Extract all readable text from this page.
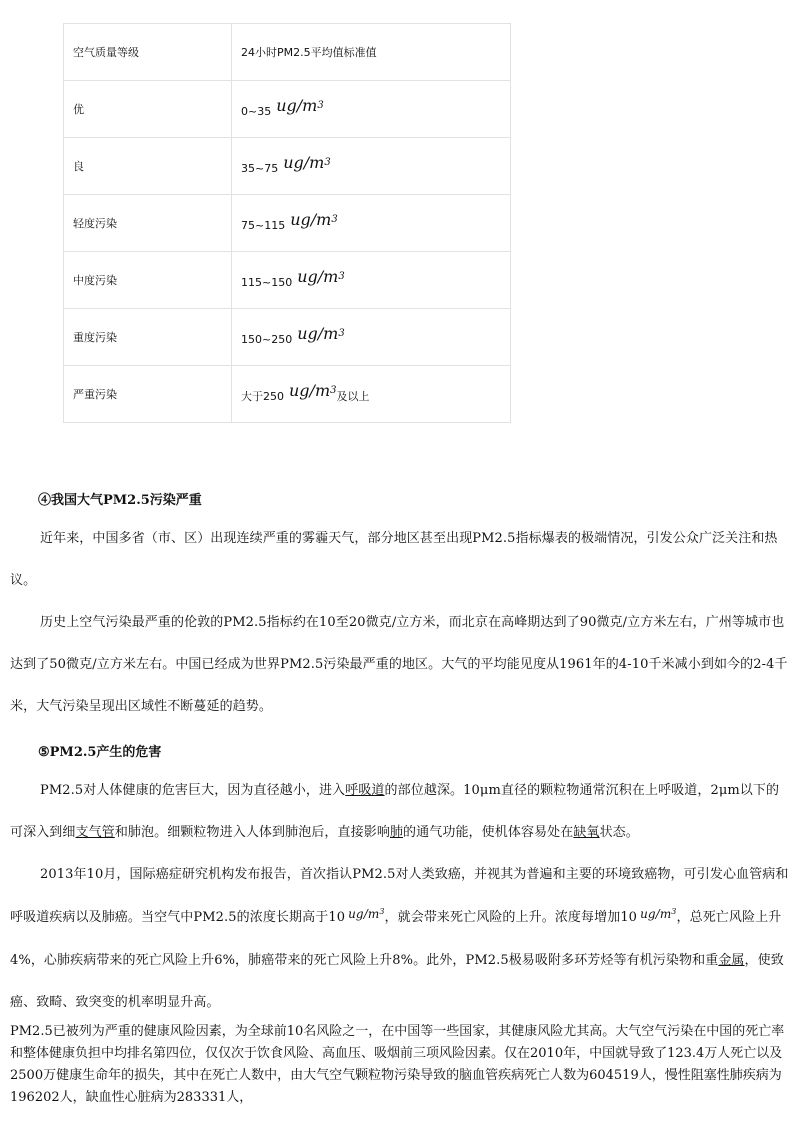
空气质量等级	24小时PM2.5平均值标准值
优	0~35 $ug/m^3$
良	35~75 $ug/m^3$
轻度污染	75~115 $ug/m^3$
中度污染	115~150 $ug/m^3$
重度污染	150~250 $ug/m^3$
严重污染	大于250 $ug/m^3$及以上
④我国大气PM2.5污染严重

近年来，中国多省（市、区）出现连续严重的雾霾天气，部分地区甚至出现PM2.5指标爆表的极端情况，引发公众广泛关注和热议。

历史上空气污染最严重的伦敦的PM2.5指标约在10至20微克/立方米，而北京在高峰期达到了90微克/立方米左右，广州等城市也达到了50微克/立方米左右。中国已经成为世界PM2.5污染最严重的地区。大气的平均能见度从1961年的4-10千米减小到如今的2-4千米，大气污染呈现出区域性不断蔓延的趋势。

⑤PM2.5产生的危害

PM2.5对人体健康的危害巨大，因为直径越小，进入呼吸道的部位越深。10μm直径的颗粒物通常沉积在上呼吸道，2μm以下的可深入到细支气管和肺泡。细颗粒物进入人体到肺泡后，直接影响肺的通气功能，使机体容易处在缺氧状态。

2013年10月，国际癌症研究机构发布报告，首次指认PM2.5对人类致癌，并视其为普遍和主要的环境致癌物，可引发心血管病和呼吸道疾病以及肺癌。当空气中PM2.5的浓度长期高于10 $ug/m^3$，就会带来死亡风险的上升。浓度每增加10 $ug/m^3$，总死亡风险上升4%，心肺疾病带来的死亡风险上升6%，肺癌带来的死亡风险上升8%。此外，PM2.5极易吸附多环芳烃等有机污染物和重金属，使致癌、致畸、致突变的机率明显升高。

PM2.5已被列为严重的健康风险因素，为全球前10名风险之一，在中国等一些国家，其健康风险尤其高。大气空气污染在中国的死亡率和整体健康负担中均排名第四位，仅仅次于饮食风险、高血压、吸烟前三项风险因素。仅在2010年，中国就导致了123.4万人死亡以及2500万健康生命年的损失，其中在死亡人数中，由大气空气颗粒物污染导致的脑血管疾病死亡人数为604519人，慢性阻塞性肺疾病为196202人，缺血性心脏病为283331人，
